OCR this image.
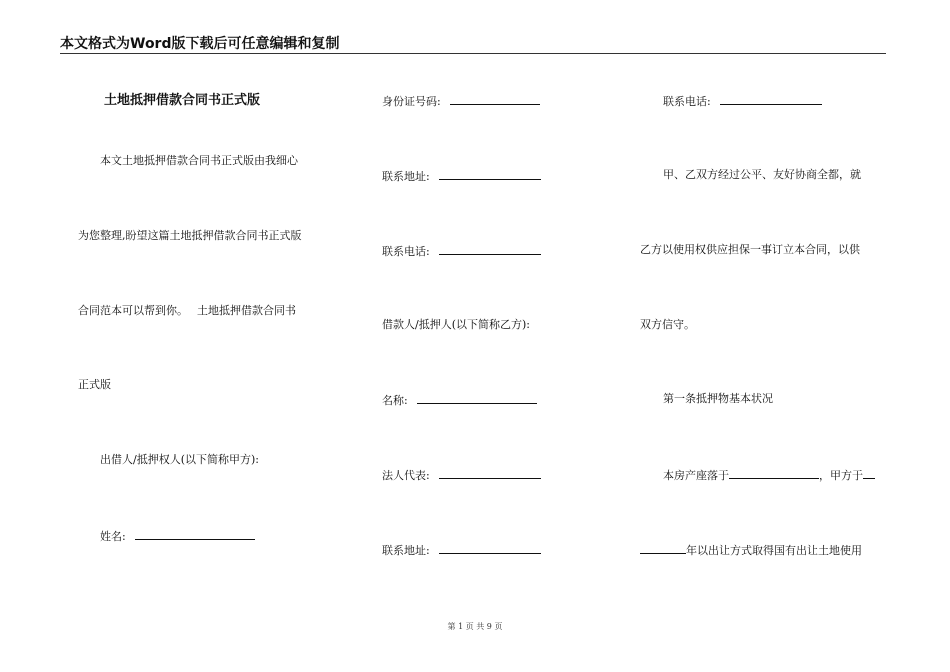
本文格式为Word版下载后可任意编辑和复制
土地抵押借款合同书正式版
本文土地抵押借款合同书正式版由我细心
为您整理,盼望这篇土地抵押借款合同书正式版
合同范本可以帮到你。　 土地抵押借款合同书
正式版
出借人/抵押权人(以下简称甲方):
姓名:
身份证号码:
联系地址:
联系电话:
借款人/抵押人(以下简称乙方):
名称:
法人代表:
联系地址:
联系电话:
甲、乙双方经过公平、友好协商全都，就
乙方以使用权供应担保一事订立本合同，以供
双方信守。
第一条抵押物基本状况
本房产座落于	，甲方于
年以出让方式取得国有出让土地使用
第 1 页 共 9 页
